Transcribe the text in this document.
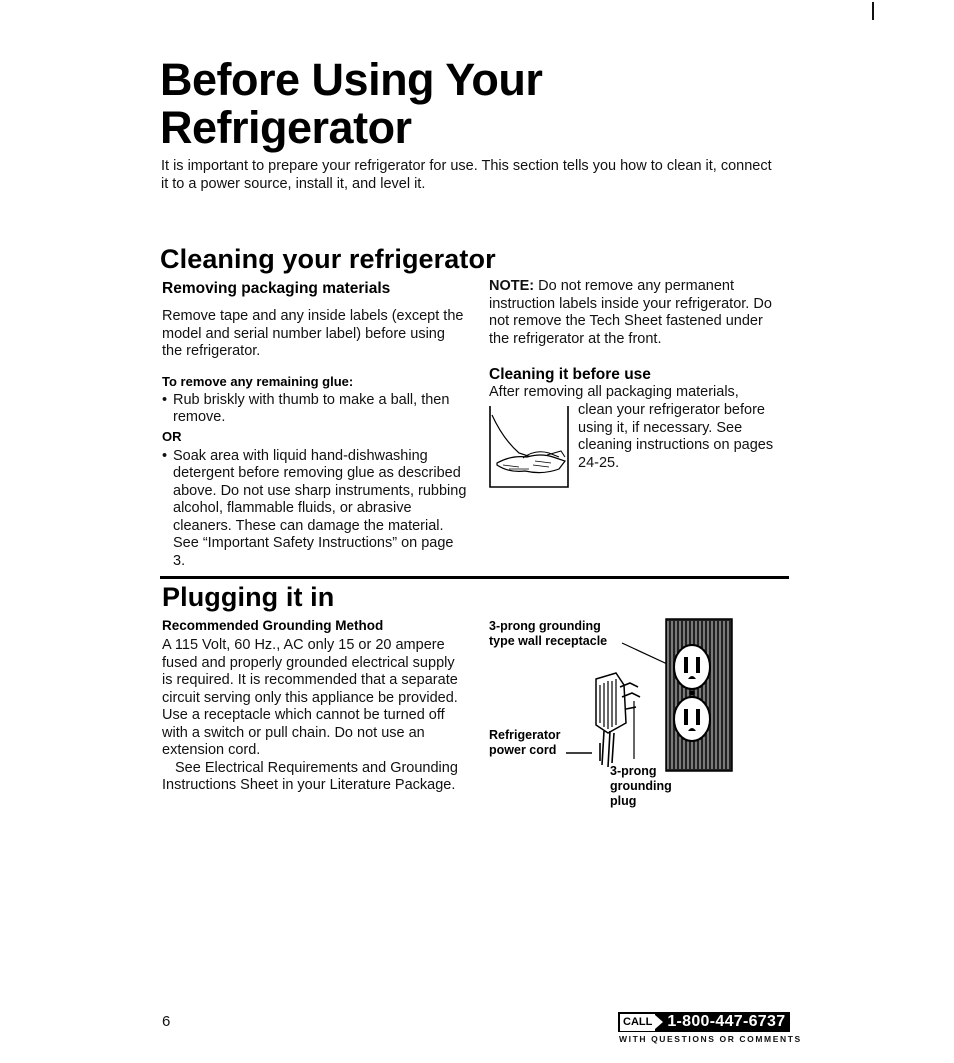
Before Using Your Refrigerator

It is important to prepare your refrigerator for use. This section tells you how to clean it, connect it to a power source, install it, and level it.

Cleaning your refrigerator
Removing packaging materials

Remove tape and any inside labels (except the model and serial number label) before using the refrigerator.

To remove any remaining glue:

• Rub briskly with thumb to make a ball, then remove.

OR

• Soak area with liquid hand-dishwashing detergent before removing glue as described above. Do not use sharp instruments, rubbing alcohol, flammable fluids, or abrasive cleaners. These can damage the material. See “Important Safety Instructions” on page 3.

NOTE: Do not remove any permanent instruction labels inside your refrigerator. Do not remove the Tech Sheet fastened under the refrigerator at the front.

Cleaning it before use

After removing all packaging materials,

clean your refrigerator before using it, if necessary. See cleaning instructions on pages 24-25.

Plugging it in
Recommended Grounding Method

A 115 Volt, 60 Hz., AC only 15 or 20 ampere fused and properly grounded electrical supply is required. It is recommended that a separate circuit serving only this appliance be provided. Use a receptacle which cannot be turned off with a switch or pull chain. Do not use an extension cord.

See Electrical Requirements and Grounding Instructions Sheet in your Literature Package.

3-prong grounding type wall receptacle

Refrigerator power cord

3-prong grounding plug

6	CALL 1-800-447-6737

WITH QUESTIONS OR COMMENTS
